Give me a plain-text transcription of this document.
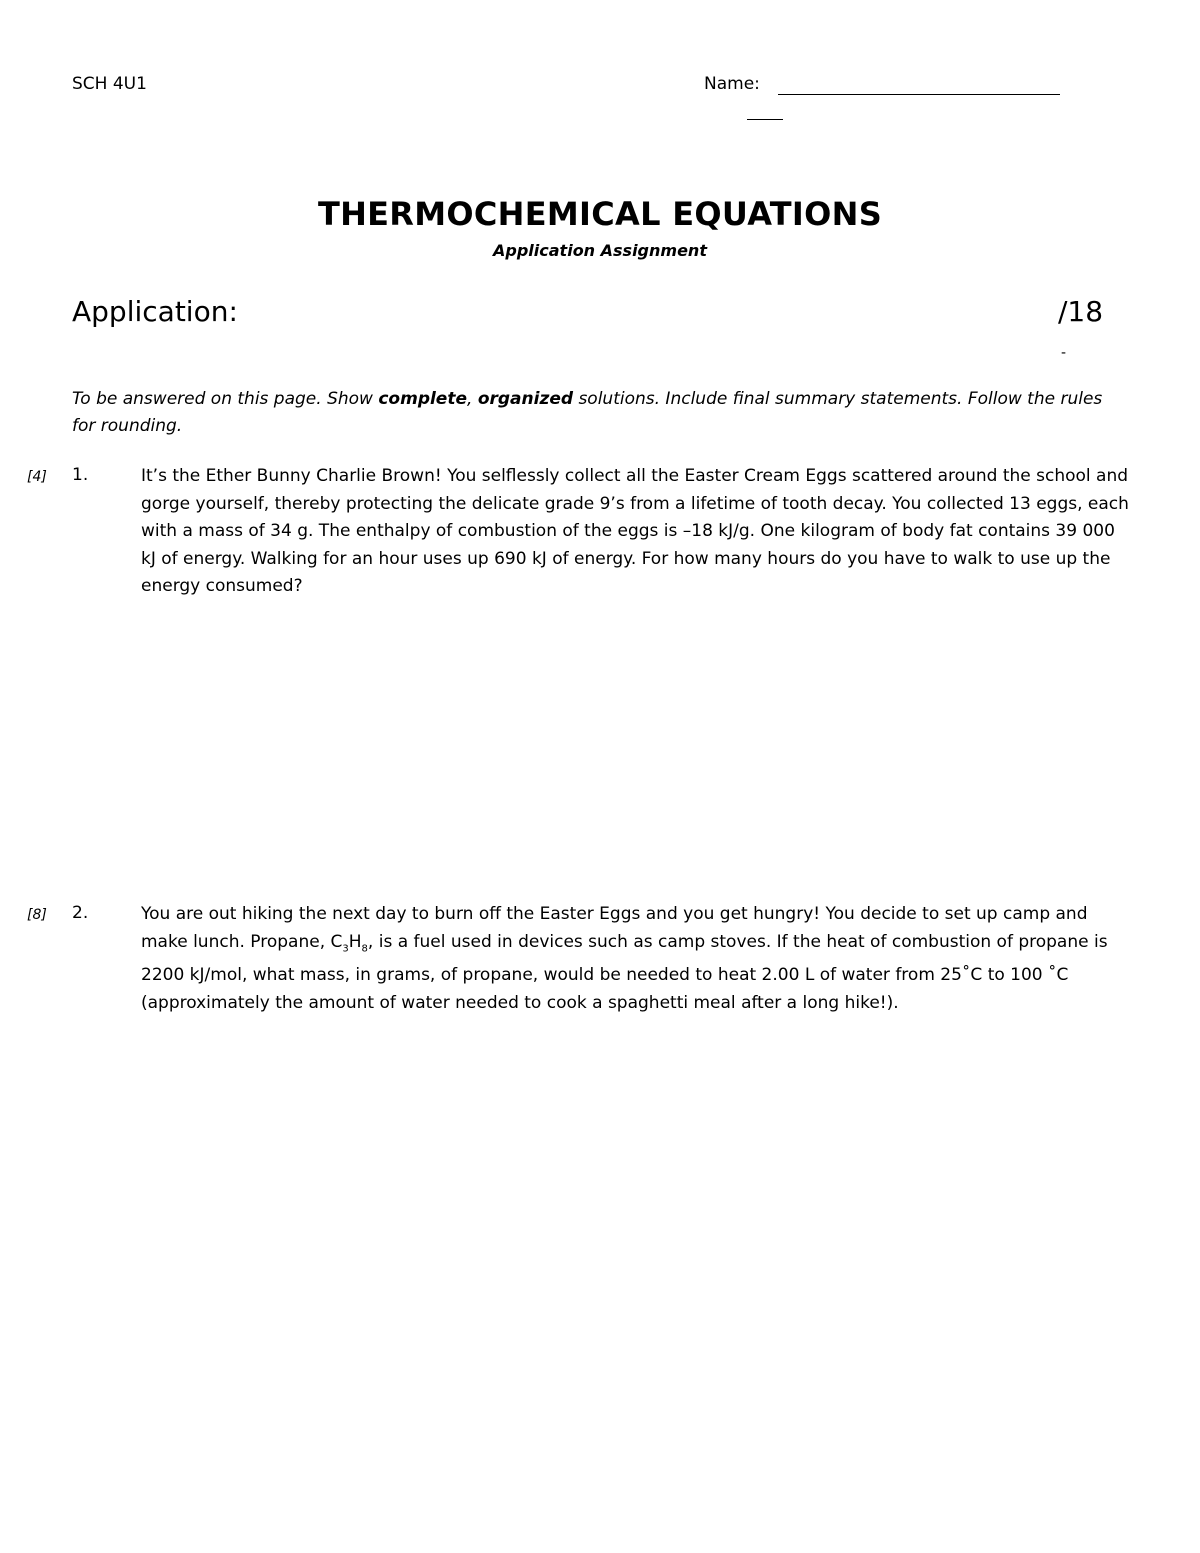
SCH 4U1	Name:
THERMOCHEMICAL EQUATIONS
Application Assignment
Application:	/18
-
To be answered on this page. Show complete, organized solutions. Include final summary statements. Follow the rules for rounding.
[4] 1.	It’s the Ether Bunny Charlie Brown! You selflessly collect all the Easter Cream Eggs scattered around the school and gorge yourself, thereby protecting the delicate grade 9’s from a lifetime of tooth decay. You collected 13 eggs, each with a mass of 34 g. The enthalpy of combustion of the eggs is –18 kJ/g. One kilogram of body fat contains 39 000 kJ of energy. Walking for an hour uses up 690 kJ of energy. For how many hours do you have to walk to use up the energy consumed?
[8] 2.	You are out hiking the next day to burn off the Easter Eggs and you get hungry! You decide to set up camp and make lunch. Propane, $C_3H_8$, is a fuel used in devices such as camp stoves. If the heat of combustion of propane is 2200 kJ/mol, what mass, in grams, of propane, would be needed to heat 2.00 L of water from 25˚C to 100 ˚C (approximately the amount of water needed to cook a spaghetti meal after a long hike!).
